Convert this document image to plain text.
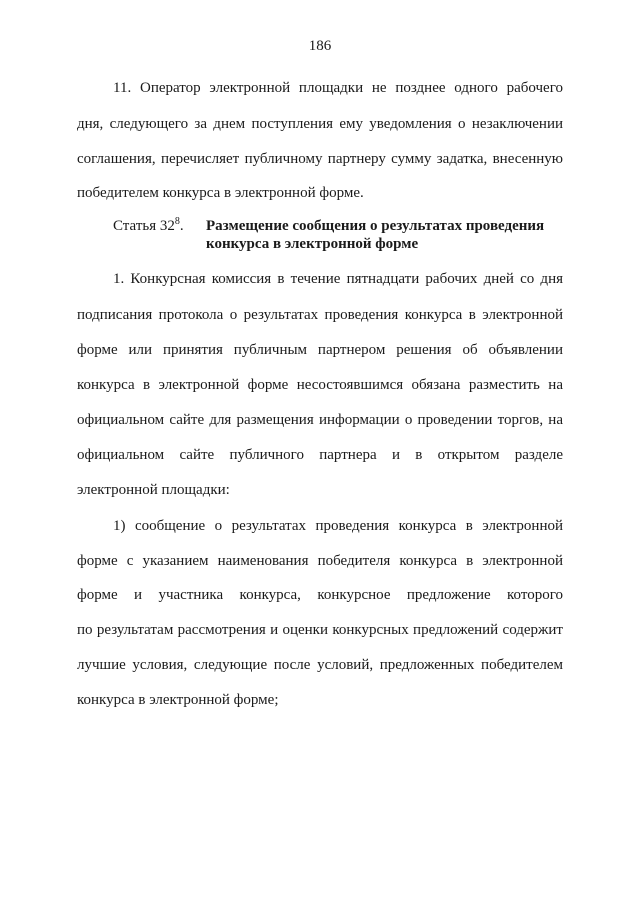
186
11. Оператор электронной площадки не позднее одного рабочего
дня, следующего за днем поступления ему уведомления о незаключении
соглашения, перечисляет публичному партнеру сумму задатка, внесенную
победителем конкурса в электронной форме.
Статья $32^8$. Размещение сообщения о результатах проведения
конкурса в электронной форме
1. Конкурсная комиссия в течение пятнадцати рабочих дней со дня
подписания протокола о результатах проведения конкурса в электронной
форме или принятия публичным партнером решения об объявлении
конкурса в электронной форме несостоявшимся обязана разместить на
официальном сайте для размещения информации о проведении торгов, на
официальном сайте публичного партнера и в открытом разделе
электронной площадки:
1) сообщение о результатах проведения конкурса в электронной
форме с указанием наименования победителя конкурса в электронной
форме и участника конкурса, конкурсное предложение которого
по результатам рассмотрения и оценки конкурсных предложений содержит
лучшие условия, следующие после условий, предложенных победителем
конкурса в электронной форме;
